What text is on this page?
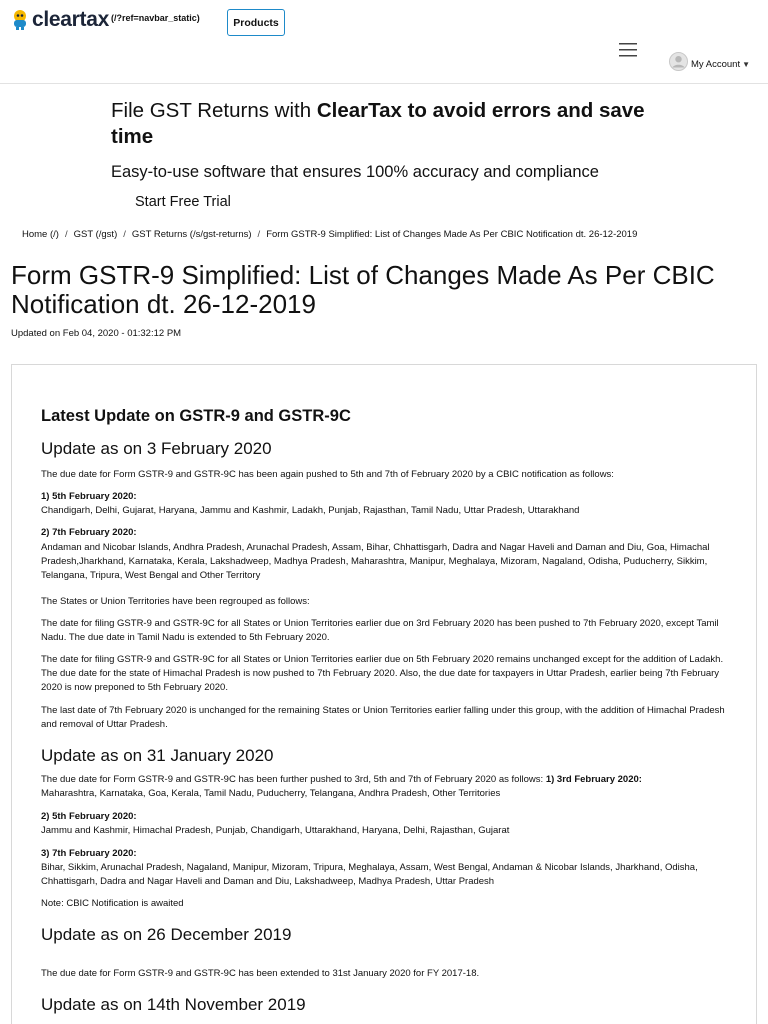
cleartax (/?ref=navbar_static)	Products
My Account ▼
File GST Returns with ClearTax to avoid errors and save time
Easy-to-use software that ensures 100% accuracy and compliance
Start Free Trial
Home (/) / GST (/gst) / GST Returns (/s/gst-returns) / Form GSTR-9 Simplified: List of Changes Made As Per CBIC Notification dt. 26-12-2019
Form GSTR-9 Simplified: List of Changes Made As Per CBIC Notification dt. 26-12-2019
Updated on Feb 04, 2020 - 01:32:12 PM
Latest Update on GSTR-9 and GSTR-9C
Update as on 3 February 2020
The due date for Form GSTR-9 and GSTR-9C has been again pushed to 5th and 7th of February 2020 by a CBIC notification as follows:
1) 5th February 2020:
Chandigarh, Delhi, Gujarat, Haryana, Jammu and Kashmir, Ladakh, Punjab, Rajasthan, Tamil Nadu, Uttar Pradesh, Uttarakhand
2) 7th February 2020:
Andaman and Nicobar Islands, Andhra Pradesh, Arunachal Pradesh, Assam, Bihar, Chhattisgarh, Dadra and Nagar Haveli and Daman and Diu, Goa, Himachal Pradesh,Jharkhand, Karnataka, Kerala, Lakshadweep, Madhya Pradesh, Maharashtra, Manipur, Meghalaya, Mizoram, Nagaland, Odisha, Puducherry, Sikkim, Telangana, Tripura, West Bengal and Other Territory
The States or Union Territories have been regrouped as follows:
The date for filing GSTR-9 and GSTR-9C for all States or Union Territories earlier due on 3rd February 2020 has been pushed to 7th February 2020, except Tamil Nadu. The due date in Tamil Nadu is extended to 5th February 2020.
The date for filing GSTR-9 and GSTR-9C for all States or Union Territories earlier due on 5th February 2020 remains unchanged except for the addition of Ladakh. The due date for the state of Himachal Pradesh is now pushed to 7th February 2020. Also, the due date for taxpayers in Uttar Pradesh, earlier being 7th February 2020 is now preponed to 5th February 2020.
The last date of 7th February 2020 is unchanged for the remaining States or Union Territories earlier falling under this group, with the addition of Himachal Pradesh and removal of Uttar Pradesh.
Update as on 31 January 2020
The due date for Form GSTR-9 and GSTR-9C has been further pushed to 3rd, 5th and 7th of February 2020 as follows: 1) 3rd February 2020:
Maharashtra, Karnataka, Goa, Kerala, Tamil Nadu, Puducherry, Telangana, Andhra Pradesh, Other Territories
2) 5th February 2020:
Jammu and Kashmir, Himachal Pradesh, Punjab, Chandigarh, Uttarakhand, Haryana, Delhi, Rajasthan, Gujarat
3) 7th February 2020:
Bihar, Sikkim, Arunachal Pradesh, Nagaland, Manipur, Mizoram, Tripura, Meghalaya, Assam, West Bengal, Andaman & Nicobar Islands, Jharkhand, Odisha, Chhattisgarh, Dadra and Nagar Haveli and Daman and Diu, Lakshadweep, Madhya Pradesh, Uttar Pradesh
Note: CBIC Notification is awaited
Update as on 26 December 2019
The due date for Form GSTR-9 and GSTR-9C has been extended to 31st January 2020 for FY 2017-18.
Update as on 14th November 2019
